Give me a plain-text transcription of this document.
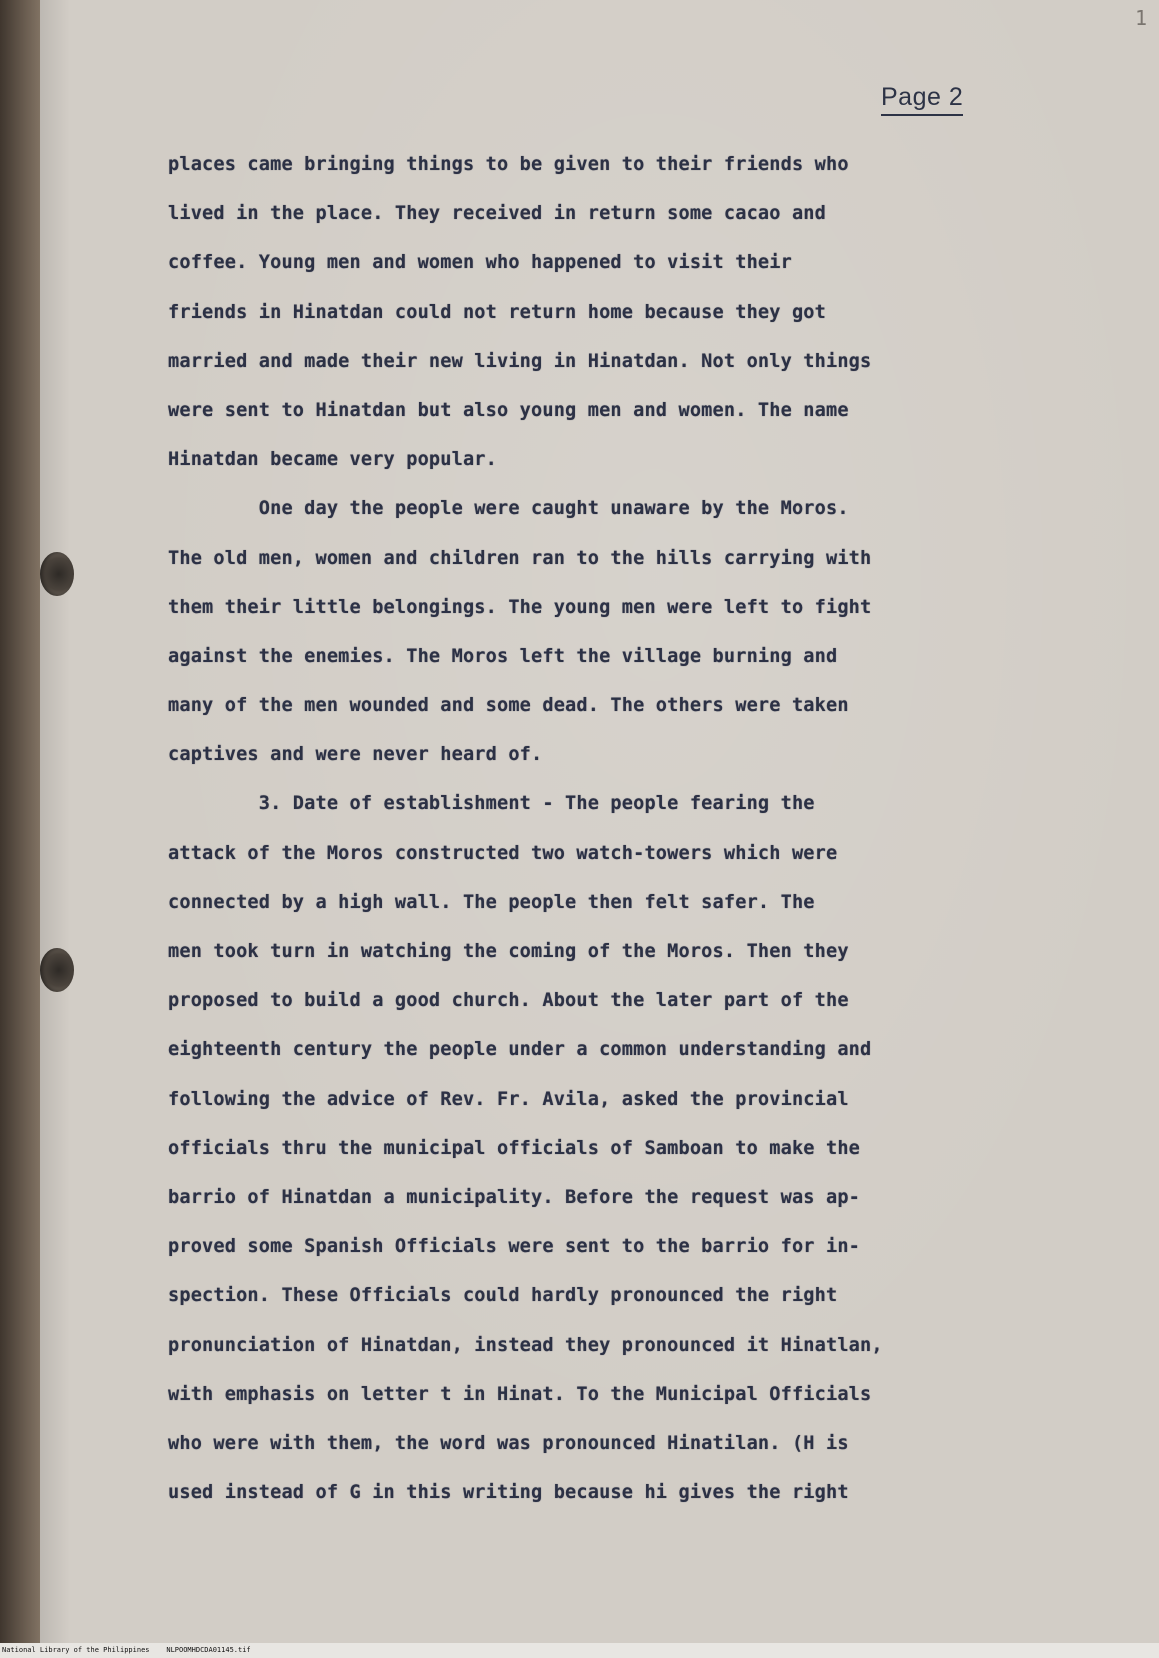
1
Page 2
places came bringing things to be given to their friends who
lived in the place. They received in return some cacao and
coffee. Young men and women who happened to visit their
friends in Hinatdan could not return home because they got
married and made their new living in Hinatdan. Not only things
were sent to Hinatdan but also young men and women. The name
Hinatdan became very popular.
One day the people were caught unaware by the Moros.
The old men, women and children ran to the hills carrying with
them their little belongings. The young men were left to fight
against the enemies. The Moros left the village burning and
many of the men wounded and some dead. The others were taken
captives and were never heard of.
3. Date of establishment - The people fearing the
attack of the Moros constructed two watch-towers which were
connected by a high wall. The people then felt safer. The
men took turn in watching the coming of the Moros. Then they
proposed to build a good church. About the later part of the
eighteenth century the people under a common understanding and
following the advice of Rev. Fr. Avila, asked the provincial
officials thru the municipal officials of Samboan to make the
barrio of Hinatdan a municipality. Before the request was ap-
proved some Spanish Officials were sent to the barrio for in-
spection. These Officials could hardly pronounced the right
pronunciation of Hinatdan, instead they pronounced it Hinatlan,
with emphasis on letter t in Hinat. To the Municipal Officials
who were with them, the word was pronounced Hinatilan. (H is
used instead of G in this writing because hi gives the right
National Library of the Philippines    NLPOOMHDCDA01145.tif
